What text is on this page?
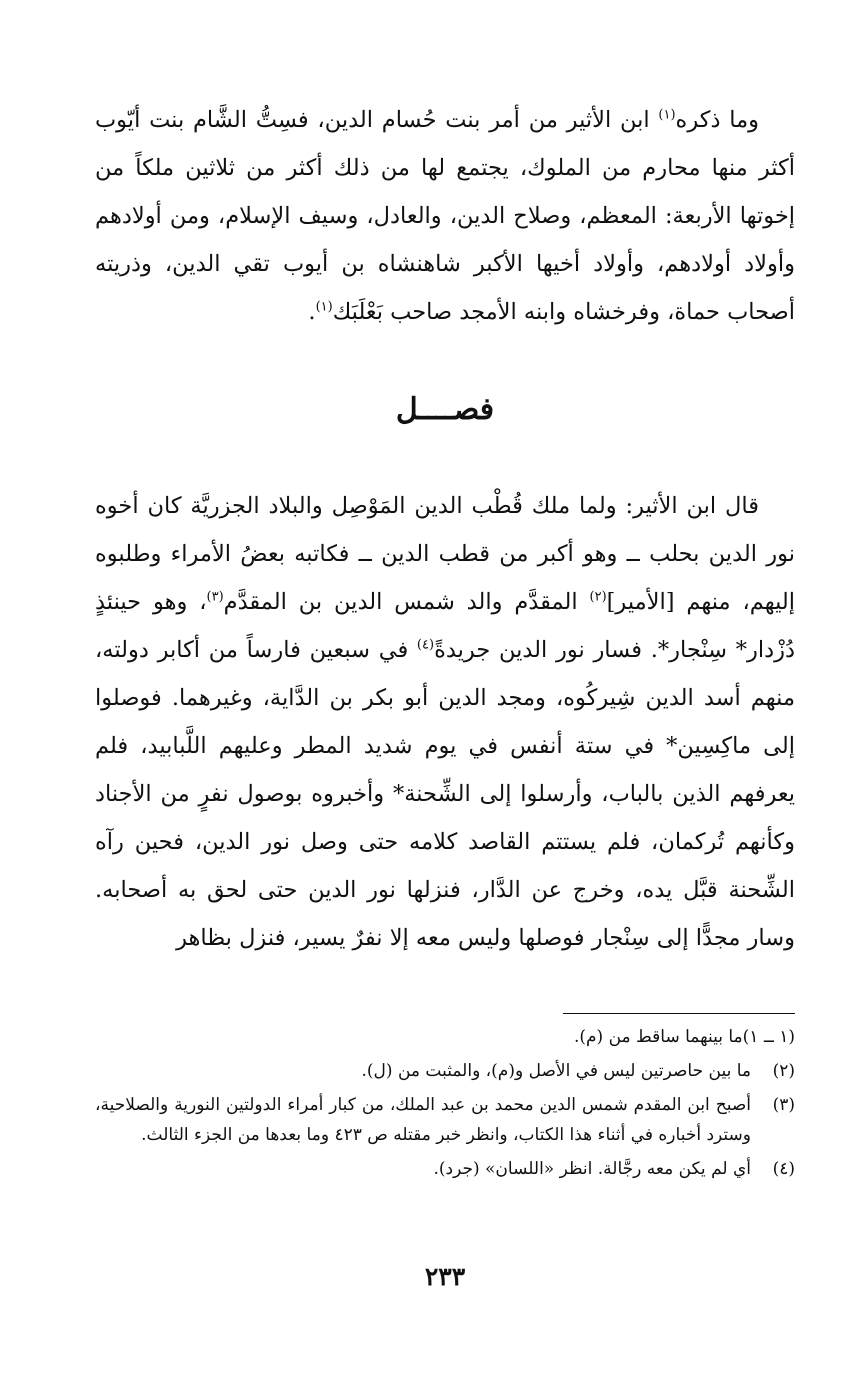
وما ذكره$^{(١)}$ ابن الأثير من أمر بنت حُسام الدين، فسِتُّ الشَّام بنت أيّوب أكثر منها محارم من الملوك، يجتمع لها من ذلك أكثر من ثلاثين ملكاً من إخوتها الأربعة: المعظم، وصلاح الدين، والعادل، وسيف الإسلام، ومن أولادهم وأولاد أولادهم، وأولاد أخيها الأكبر شاهنشاه بن أيوب تقي الدين، وذريته أصحاب حماة، وفرخشاه وابنه الأمجد صاحب بَعْلَبَك$^{(١)}$.

فصــــل

قال ابن الأثير: ولما ملك قُطْب الدين المَوْصِل والبلاد الجزريَّة كان أخوه نور الدين بحلب ــ وهو أكبر من قطب الدين ــ فكاتبه بعضُ الأمراء وطلبوه إليهم، منهم [الأمير]$^{(٢)}$ المقدَّم والد شمس الدين بن المقدَّم$^{(٣)}$، وهو حينئذٍ دُزْدار* سِنْجار*. فسار نور الدين جريدةً$^{(٤)}$ في سبعين فارساً من أكابر دولته، منهم أسد الدين شِيركُوه، ومجد الدين أبو بكر بن الدَّاية، وغيرهما. فوصلوا إلى ماكِسِين* في ستة أنفس في يوم شديد المطر وعليهم اللَّبابيد، فلم يعرفهم الذين بالباب، وأرسلوا إلى الشِّحنة* وأخبروه بوصول نفرٍ من الأجناد وكأنهم تُركمان، فلم يستتم القاصد كلامه حتى وصل نور الدين، فحين رآه الشِّحنة قبَّل يده، وخرج عن الدَّار، فنزلها نور الدين حتى لحق به أصحابه. وسار مجدًّا إلى سِنْجار فوصلها وليس معه إلا نفرٌ يسير، فنزل بظاهر

(١ ــ ١)
ما بينهما ساقط من (م).
(٢)
ما بين حاصرتين ليس في الأصل و(م)، والمثبت من (ل).
(٣)
أصبح ابن المقدم شمس الدين محمد بن عبد الملك، من كبار أمراء الدولتين النورية والصلاحية، وسترد أخباره في أثناء هذا الكتاب، وانظر خبر مقتله ص ٤٢٣ وما بعدها من الجزء الثالث.
(٤)
أي لم يكن معه رجَّالة. انظر «اللسان» (جرد).

٢٣٣
